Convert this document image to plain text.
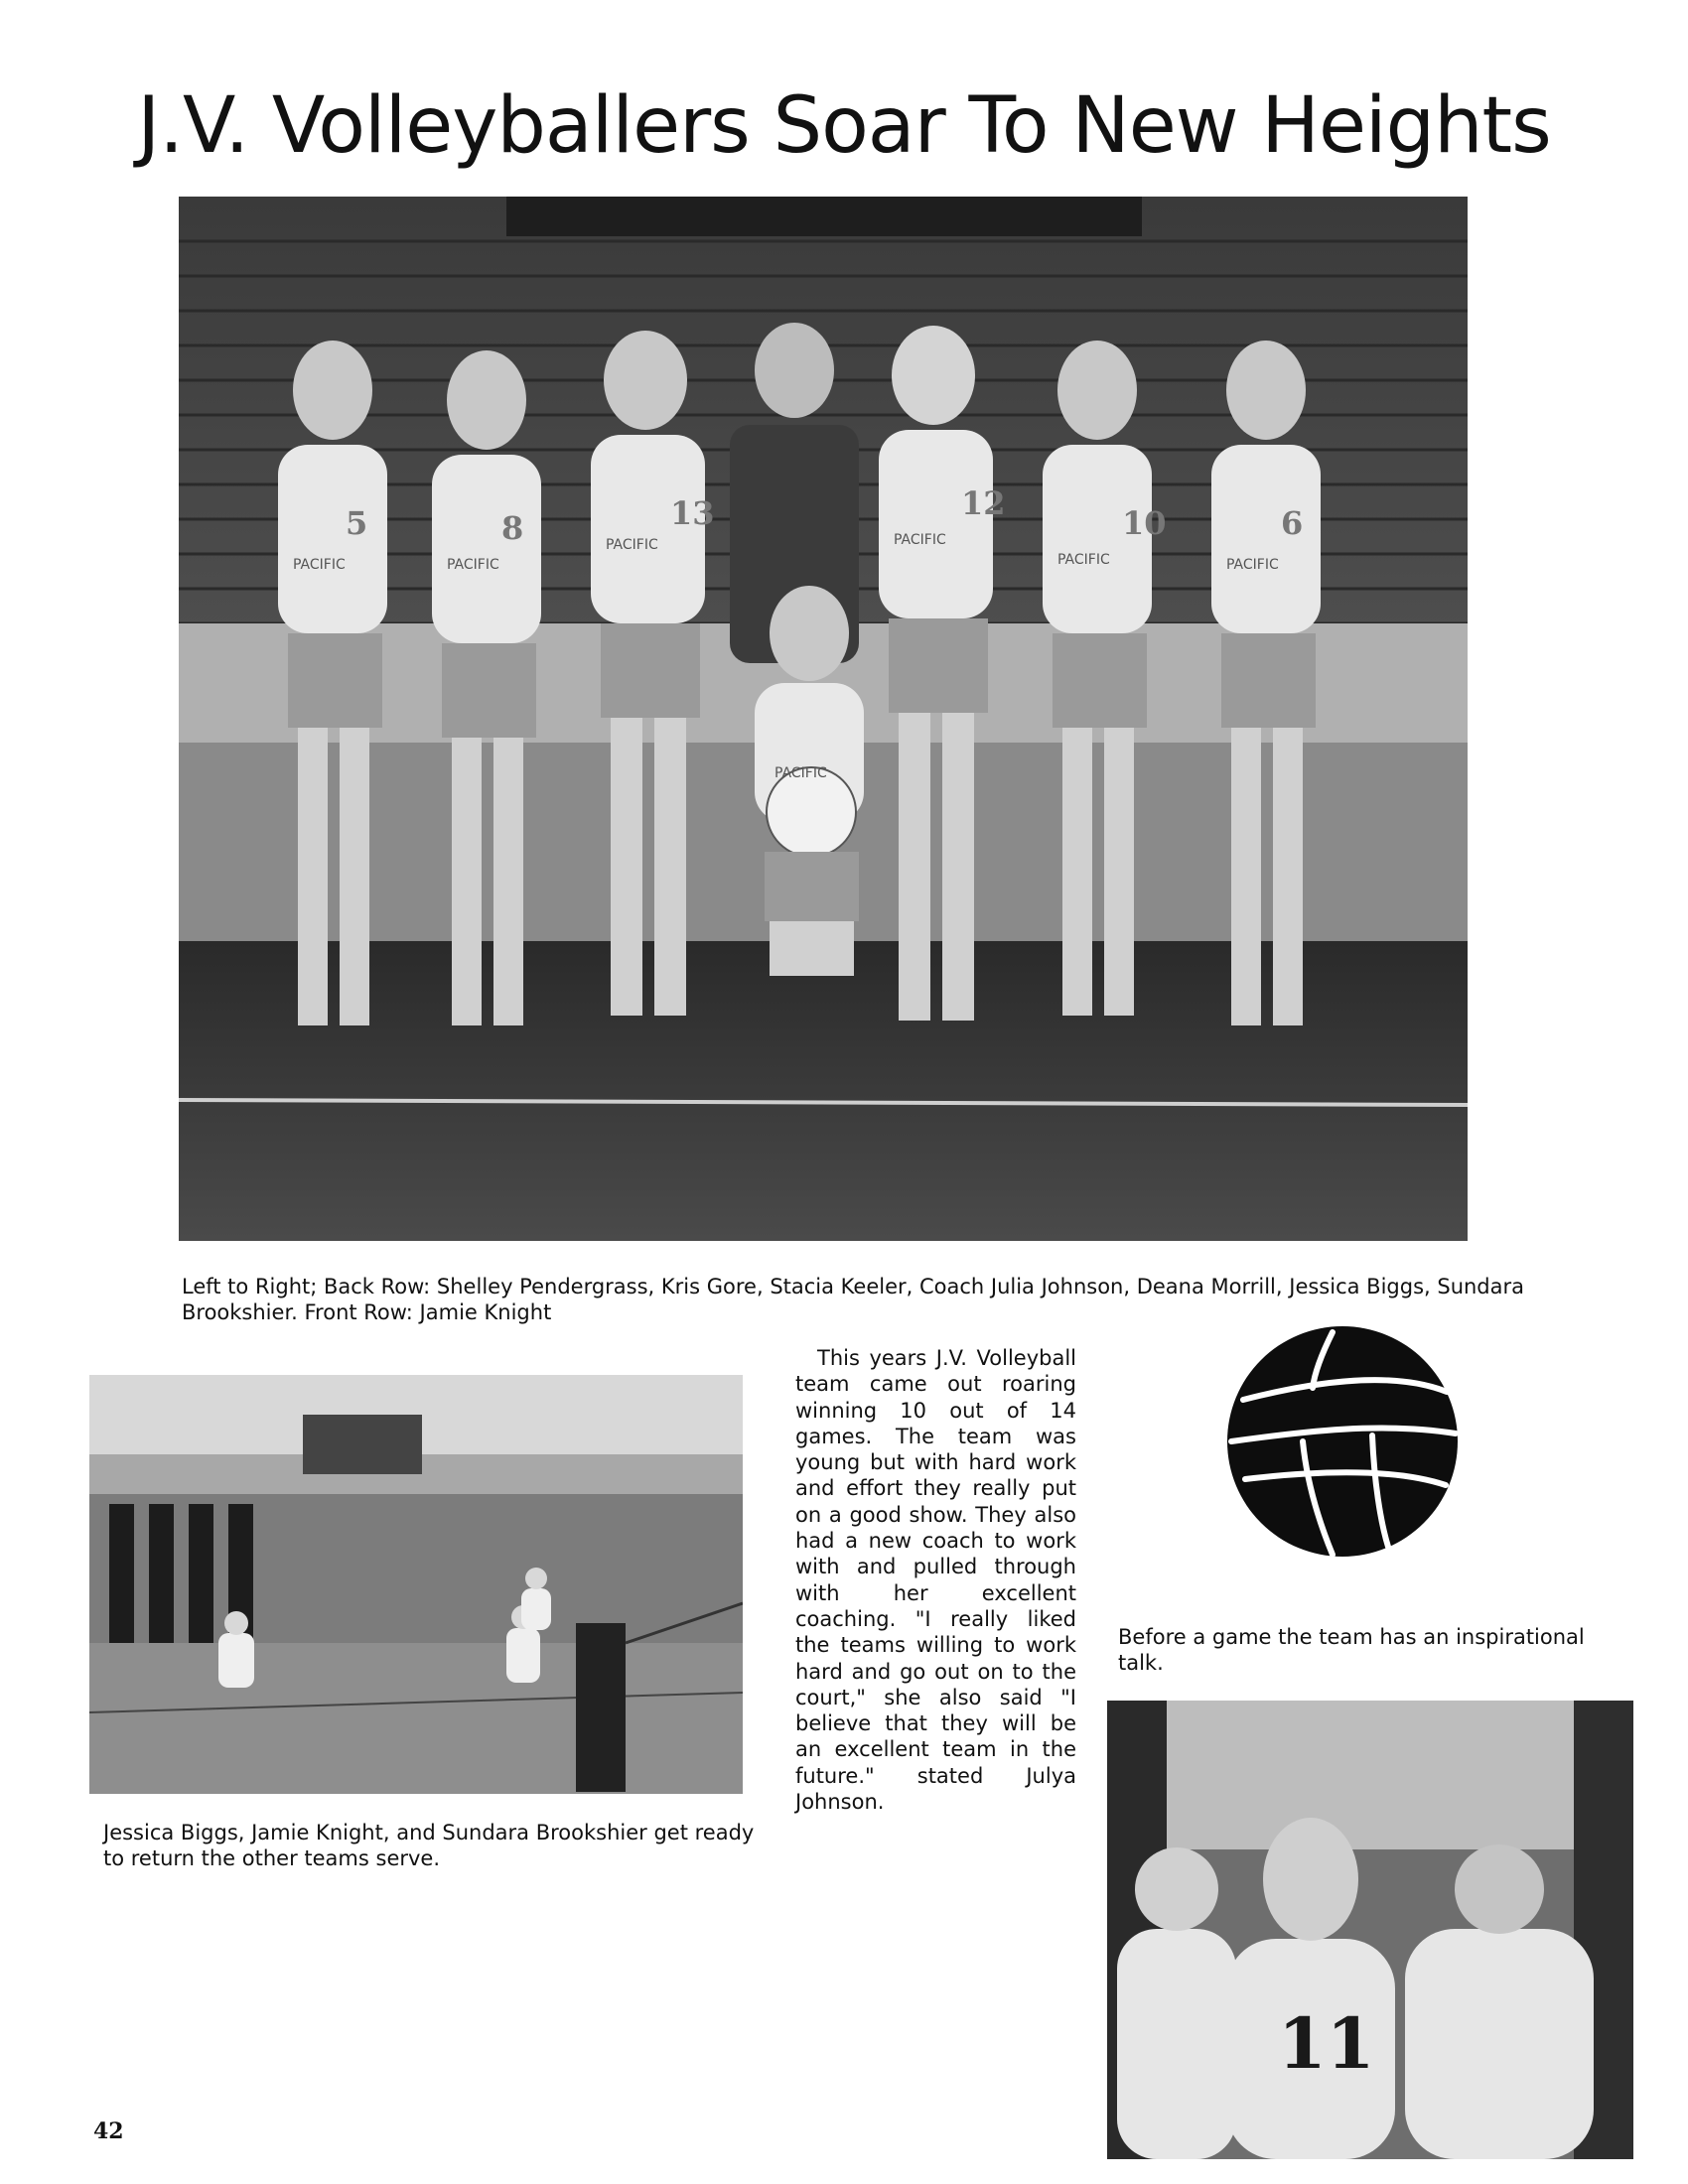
J.V. Volleyballers Soar To New Heights
5	8	13	12
10	6
PACIFIC	PACIFIC
PACIFIC	PACIFIC
PACIFIC	PACIFIC
PACIFIC

Left to Right; Back Row: Shelley Pendergrass, Kris Gore, Stacia Keeler, Coach Julia Johnson, Deana Morrill, Jessica Biggs, Sundara Brookshier. Front Row: Jamie Knight

Jessica Biggs, Jamie Knight, and Sundara Brookshier get ready to return the other teams serve.

This years J.V. Volleyball team came out roaring winning 10 out of 14 games. The team was young but with hard work and effort they really put on a good show. They also had a new coach to work with and pulled through with her excellent coaching. "I really liked the teams willing to work hard and go out on to the court," she also said "I believe that they will be an excellent team in the future." stated Julya Johnson.

Before a game the team has an inspirational talk.

11
42
